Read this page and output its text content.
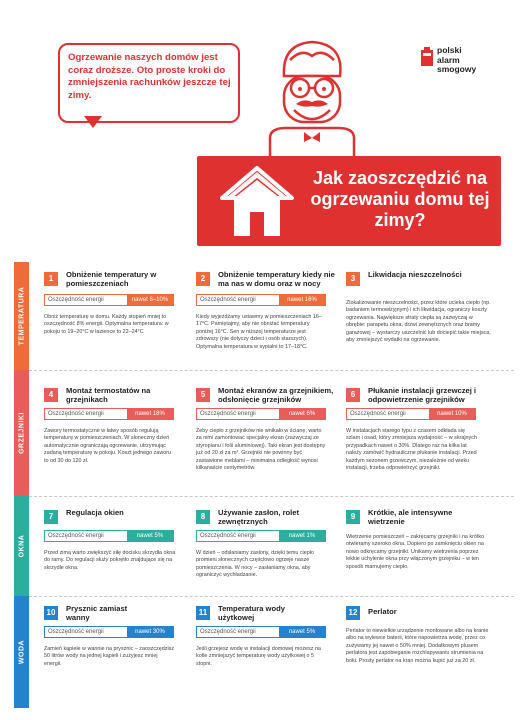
Ogrzewanie naszych domów jest coraz droższe. Oto proste kroki do zmniejszenia rachunków jeszcze tej zimy.
polski
alarm
smogowy
Jak zaoszczędzić na ogrzewaniu domu tej zimy?
TEMPERATURA
GRZEJNIKI
OKNA
WODA
1	Obniżenie temperatury w pomieszczeniach
Oszczędność energii	nawet 8–10%
Obniż temperaturę w domu. Każdy stopień mniej to oszczędność 8% energii. Optymalna temperatura: w pokoju to 19–20°C w łazience to 22–24°C
2	Obniżenie temperatury kiedy nie ma nas w domu oraz w nocy
Oszczędność energii	nawet 16%
Kiedy wyjeżdżamy ustawmy w pomieszczeniach 16–17°C. Pamiętajmy, aby nie obniżać temperatury poniżej 16°C. Sen w niższej temperaturze jest zdrowszy (nie dotyczy dzieci i osób starszych). Optymalna temperatura w sypialni to 17–18°C.
3	Likwidacja nieszczelności
Zlokalizowanie nieszczelności, przez które ucieka ciepło (np. badaniem termowizyjnym) i ich likwidacja, ograniczy koszty ogrzewania. Największe straty ciepła są zazwyczaj w obrębie: parapetu okna, drzwi zewnętrznych oraz bramy garażowej – wystarczy uszczelnić lub dociepić takie miejsca, aby zmniejszyć wydatki na ogrzewanie.
4	Montaż termostatów na grzejnikach
Oszczędność energii	nawet 18%
Zawory termostatyczne w łatwy sposób regulują temperaturę w pomieszczeniach. W słoneczny dzień automatycznie ograniczają ogrzewanie, utrzymując zadaną temperaturę w pokoju. Koszt jednego zaworu to od 30 do 120 zł.
5	Montaż ekranów za grzejnikiem, odsłonięcie grzejników
Oszczędność energii	nawet 6%
Żeby ciepło z grzejników nie wnikało w ścianę, warto za nimi zamontować specjalny ekran (zazwyczaj ze styropianu i folii aluminiowej). Taki ekran jest dostępny już od 20 zł za m². Grzejniki nie powinny być zastawione meblami – minimalna odległość wynosi kilkanaście centymetrów.
6	Płukanie instalacji grzewczej i odpowietrzenie grzejników
Oszczędność energii	nawet 10%
W instalacjach starego typu z czasem odkłada się szlam i osad, który zmniejsza wydajność – w skrajnych przypadkach nawet o 30%. Dlatego raz na kilka lat należy zamówić hydrauliczne płukanie instalacji. Przed każdym sezonem grzewczym, niezależnie od wieku instalacji, trzeba odpowietrzyć grzejniki.
7	Regulacja okien
Oszczędność energii	nawet 5%
Przed zimą warto zwiększyć siłę docisku skrzydła okna do ramy. Do regulacji służy pokrętło znajdujące się na skrzydle okna.
8	Używanie zasłon, rolet zewnętrznych
Oszczędność energii	nawet 1%
W dzień – odsłaniamy zasłony, dzięki temu ciepło promieni słonecznych częściowo ogrzeje nasze pomieszczenia. W nocy – zasłaniamy okna, aby ograniczyć wychładzanie.
9	Krótkie, ale intensywne wietrzenie
Wietrzenie pomieszczeń – zakręcamy grzejniki i na krótko otwieramy szeroko okna. Dopiero po zamknięciu okien na nowo odkręcamy grzejniki. Unikamy wietrzenia poprzez lekkie uchylenie okna przy włączonym grzejniku – w ten sposób marnujemy ciepło.
10	Prysznic zamiast wanny
Oszczędność energii	nawet 30%
Zamień kąpiele w wannie na prysznic – zaoszczędzisz 50 litrów wody na jednej kąpieli i zużyjesz mniej energii.
11	Temperatura wody użytkowej
Oszczędność energii	nawet 5%
Jeśli grzejesz wodę w instalacji domowej możesz na kotle zmniejszyć temperaturę wody użytkowej o 5 stopni.
12	Perlator
Perlator to niewielkie urządzenie montowane albo na kranie albo na wylewce baterii, które napowietrza wodę, przez co zużywamy jej nawet o 50% mniej. Dodatkowym plusem perlatora jest zapobieganie rozchlapywaniu strumienia na boki. Prosty perlator na kran można kupić już za 20 zł.
